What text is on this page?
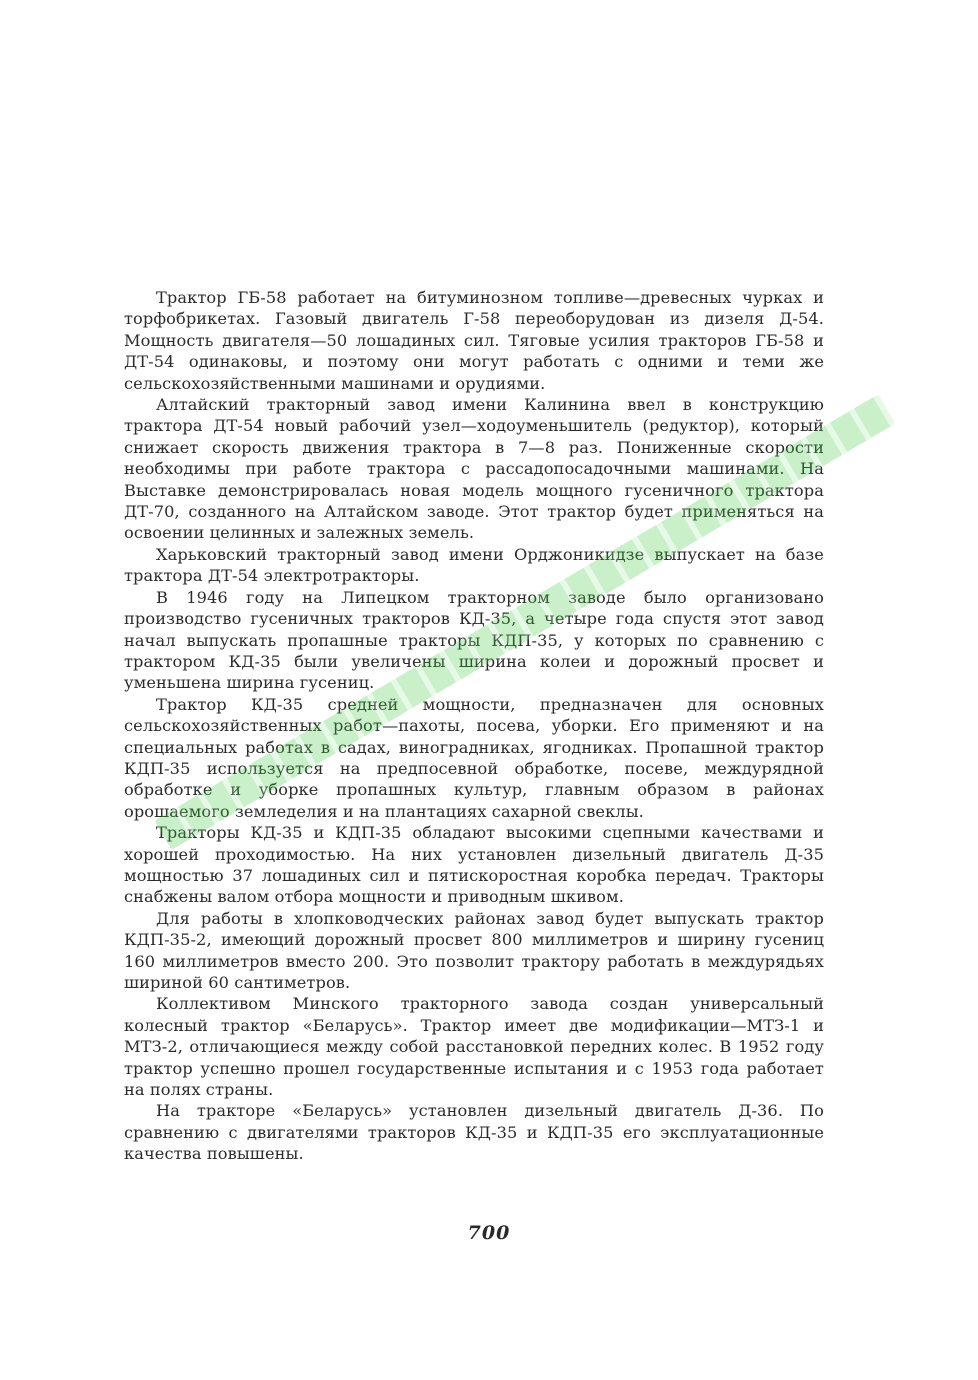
Трактор ГБ-58 работает на битуминозном топливе—древесных чурках и торфобрикетах. Газовый двигатель Г-58 переоборудован из дизеля Д-54. Мощность двигателя—50 лошадиных сил. Тяговые усилия тракторов ГБ-58 и ДТ-54 одинаковы, и поэтому они могут работать с одними и теми же сельскохозяйственными машинами и орудиями.

Алтайский тракторный завод имени Калинина ввел в конструкцию трактора ДТ-54 новый рабочий узел—ходоуменьшитель (редуктор), который снижает скорость движения трактора в 7—8 раз. Пониженные скорости необходимы при работе трактора с рассадопосадочными машинами. На Выставке демонстрировалась новая модель мощного гусеничного трактора ДТ-70, созданного на Алтайском заводе. Этот трактор будет применяться на освоении целинных и залежных земель.

Харьковский тракторный завод имени Орджоникидзе выпускает на базе трактора ДТ-54 электротракторы.

В 1946 году на Липецком тракторном заводе было организовано производство гусеничных тракторов КД-35, а четыре года спустя этот завод начал выпускать пропашные тракторы КДП-35, у которых по сравнению с трактором КД-35 были увеличены ширина колеи и дорожный просвет и уменьшена ширина гусениц.

Трактор КД-35 средней мощности, предназначен для основных сельскохозяйственных работ—пахоты, посева, уборки. Его применяют и на специальных работах в садах, виноградниках, ягодниках. Пропашной трактор КДП-35 используется на предпосевной обработке, посеве, междурядной обработке и уборке пропашных культур, главным образом в районах орошаемого земледелия и на плантациях сахарной свеклы.

Тракторы КД-35 и КДП-35 обладают высокими сцепными качествами и хорошей проходимостью. На них установлен дизельный двигатель Д-35 мощностью 37 лошадиных сил и пятискоростная коробка передач. Тракторы снабжены валом отбора мощности и приводным шкивом.

Для работы в хлопководческих районах завод будет выпускать трактор КДП-35-2, имеющий дорожный просвет 800 миллиметров и ширину гусениц 160 миллиметров вместо 200. Это позволит трактору работать в междурядьях шириной 60 сантиметров.

Коллективом Минского тракторного завода создан универсальный колесный трактор «Беларусь». Трактор имеет две модификации—МТЗ-1 и МТЗ-2, отличающиеся между собой расстановкой передних колес. В 1952 году трактор успешно прошел государственные испытания и с 1953 года работает на полях страны.

На тракторе «Беларусь» установлен дизельный двигатель Д-36. По сравнению с двигателями тракторов КД-35 и КДП-35 его эксплуатационные качества повышены.

700
